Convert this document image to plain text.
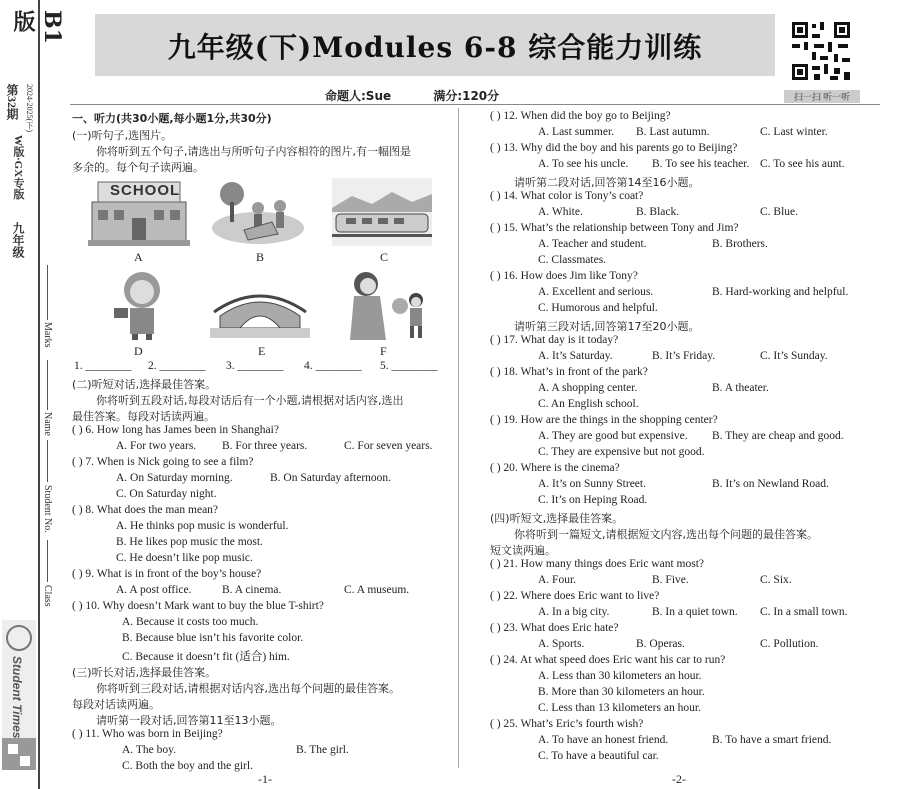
B1版
第32期 2024-2025(下)
W版·GX专版
九年级
Marks
Name
Student No.
Class
Student Times
九年级(下)Modules 6-8 综合能力训练
扫一扫 听一听
命题人:Sue	满分:120分
一、听力(共30小题,每小题1分,共30分)
(一)听句子,选图片。
你将听到五个句子,请选出与所听句子内容相符的图片,有一幅图是
多余的。每个句子读两遍。
SCHOOL
A	B	C
D	E	F
1. ________ 2. ________ 3. ________ 4. ________ 5. ________
(二)听短对话,选择最佳答案。
你将听到五段对话,每段对话后有一个小题,请根据对话内容,选出
最佳答案。每段对话读两遍。
( ) 6. How long has James been in Shanghai?
A. For two years. B. For three years.	C. For seven years.
( ) 7. When is Nick going to see a film?
A. On Saturday morning.	B. On Saturday afternoon.
C. On Saturday night.
( ) 8. What does the man mean?
A. He thinks pop music is wonderful.
B. He likes pop music the most.
C. He doesn’t like pop music.
( ) 9. What is in front of the boy’s house?
A. A post office.	B. A cinema.	C. A museum.
( ) 10. Why doesn’t Mark want to buy the blue T-shirt?
A. Because it costs too much.
B. Because blue isn’t his favorite color.
C. Because it doesn’t fit (适合) him.
(三)听长对话,选择最佳答案。
你将听到三段对话,请根据对话内容,选出每个问题的最佳答案。
每段对话读两遍。
请听第一段对话,回答第11至13小题。
( ) 11. Who was born in Beijing?
A. The boy.	B. The girl.
C. Both the boy and the girl.
-1-
( ) 12. When did the boy go to Beijing?
A. Last summer. B. Last autumn.	C. Last winter.
( ) 13. Why did the boy and his parents go to Beijing?
A. To see his uncle. B. To see his teacher. C. To see his aunt.
请听第二段对话,回答第14至16小题。
( ) 14. What color is Tony’s coat?
A. White.	B. Black.	C. Blue.
( ) 15. What’s the relationship between Tony and Jim?
A. Teacher and student.	B. Brothers.
C. Classmates.
( ) 16. How does Jim like Tony?
A. Excellent and serious.	B. Hard-working and helpful.
C. Humorous and helpful.
请听第三段对话,回答第17至20小题。
( ) 17. What day is it today?
A. It’s Saturday.	B. It’s Friday.	C. It’s Sunday.
( ) 18. What’s in front of the park?
A. A shopping center.	B. A theater.
C. An English school.
( ) 19. How are the things in the shopping center?
A. They are good but expensive. B. They are cheap and good.
C. They are expensive but not good.
( ) 20. Where is the cinema?
A. It’s on Sunny Street.	B. It’s on Newland Road.
C. It’s on Heping Road.
(四)听短文,选择最佳答案。
你将听到一篇短文,请根据短文内容,选出每个问题的最佳答案。
短文读两遍。
( ) 21. How many things does Eric want most?
A. Four.	B. Five.	C. Six.
( ) 22. Where does Eric want to live?
A. In a big city.	B. In a quiet town. C. In a small town.
( ) 23. What does Eric hate?
A. Sports.	B. Operas.	C. Pollution.
( ) 24. At what speed does Eric want his car to run?
A. Less than 30 kilometers an hour.
B. More than 30 kilometers an hour.
C. Less than 13 kilometers an hour.
( ) 25. What’s Eric’s fourth wish?
A. To have an honest friend.	B. To have a smart friend.
C. To have a beautiful car.
-2-
